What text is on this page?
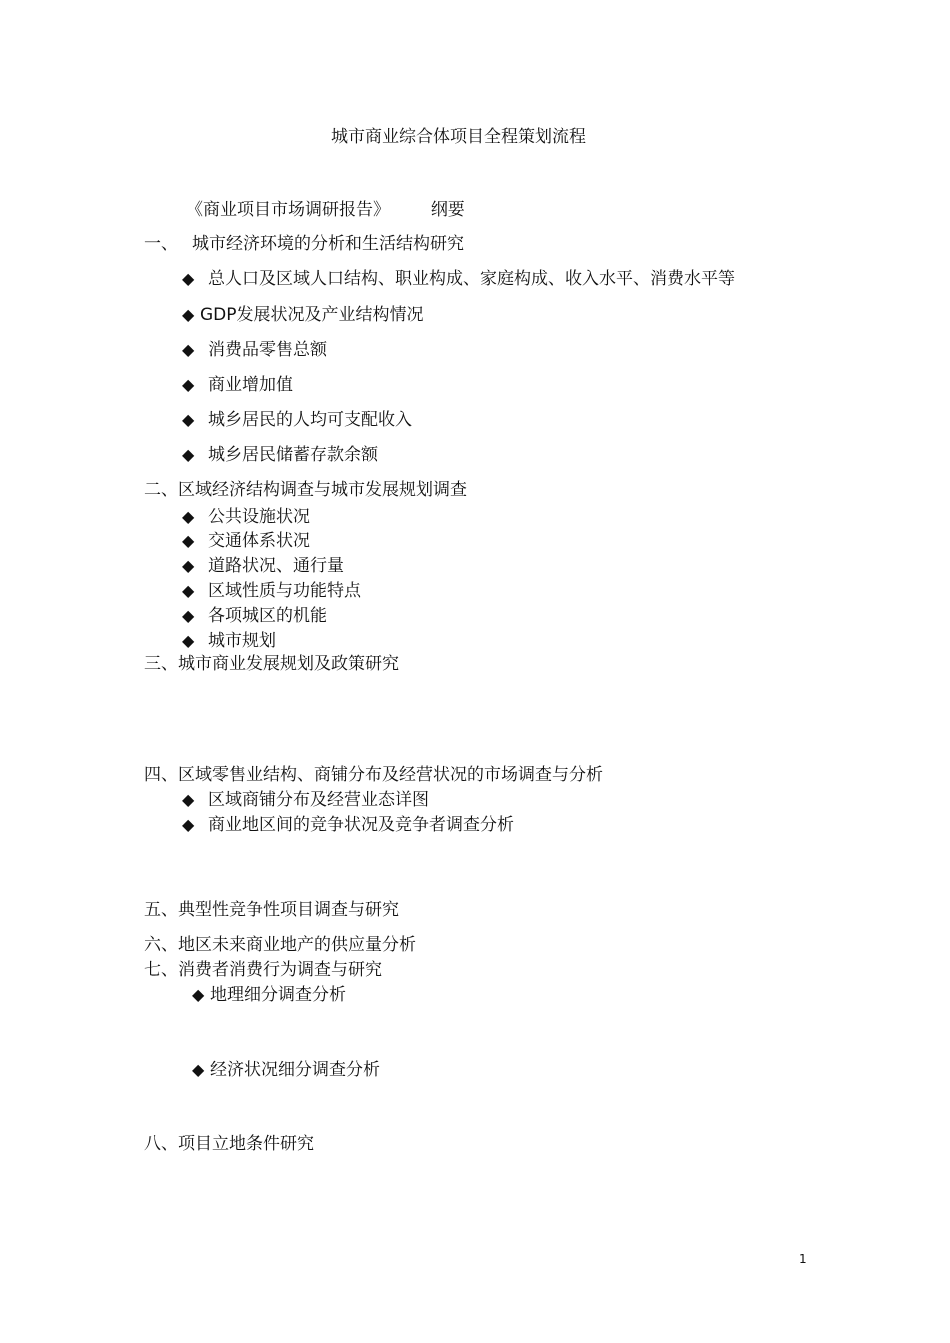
城市商业综合体项目全程策划流程
《商业项目市场调研报告》 纲要
一、 城市经济环境的分析和生活结构研究
◆ 总人口及区域人口结构、职业构成、家庭构成、收入水平、消费水平等
◆ GDP发展状况及产业结构情况
◆ 消费品零售总额
◆ 商业增加值
◆ 城乡居民的人均可支配收入
◆ 城乡居民储蓄存款余额
二、区域经济结构调查与城市发展规划调查
◆ 公共设施状况
◆ 交通体系状况
◆ 道路状况、通行量
◆ 区域性质与功能特点
◆ 各项城区的机能
◆ 城市规划
三、城市商业发展规划及政策研究
四、区域零售业结构、商铺分布及经营状况的市场调查与分析
◆ 区域商铺分布及经营业态详图
◆ 商业地区间的竞争状况及竞争者调查分析
五、典型性竞争性项目调查与研究
六、地区未来商业地产的供应量分析
七、消费者消费行为调查与研究
◆ 地理细分调查分析
◆ 经济状况细分调查分析
八、项目立地条件研究
1
